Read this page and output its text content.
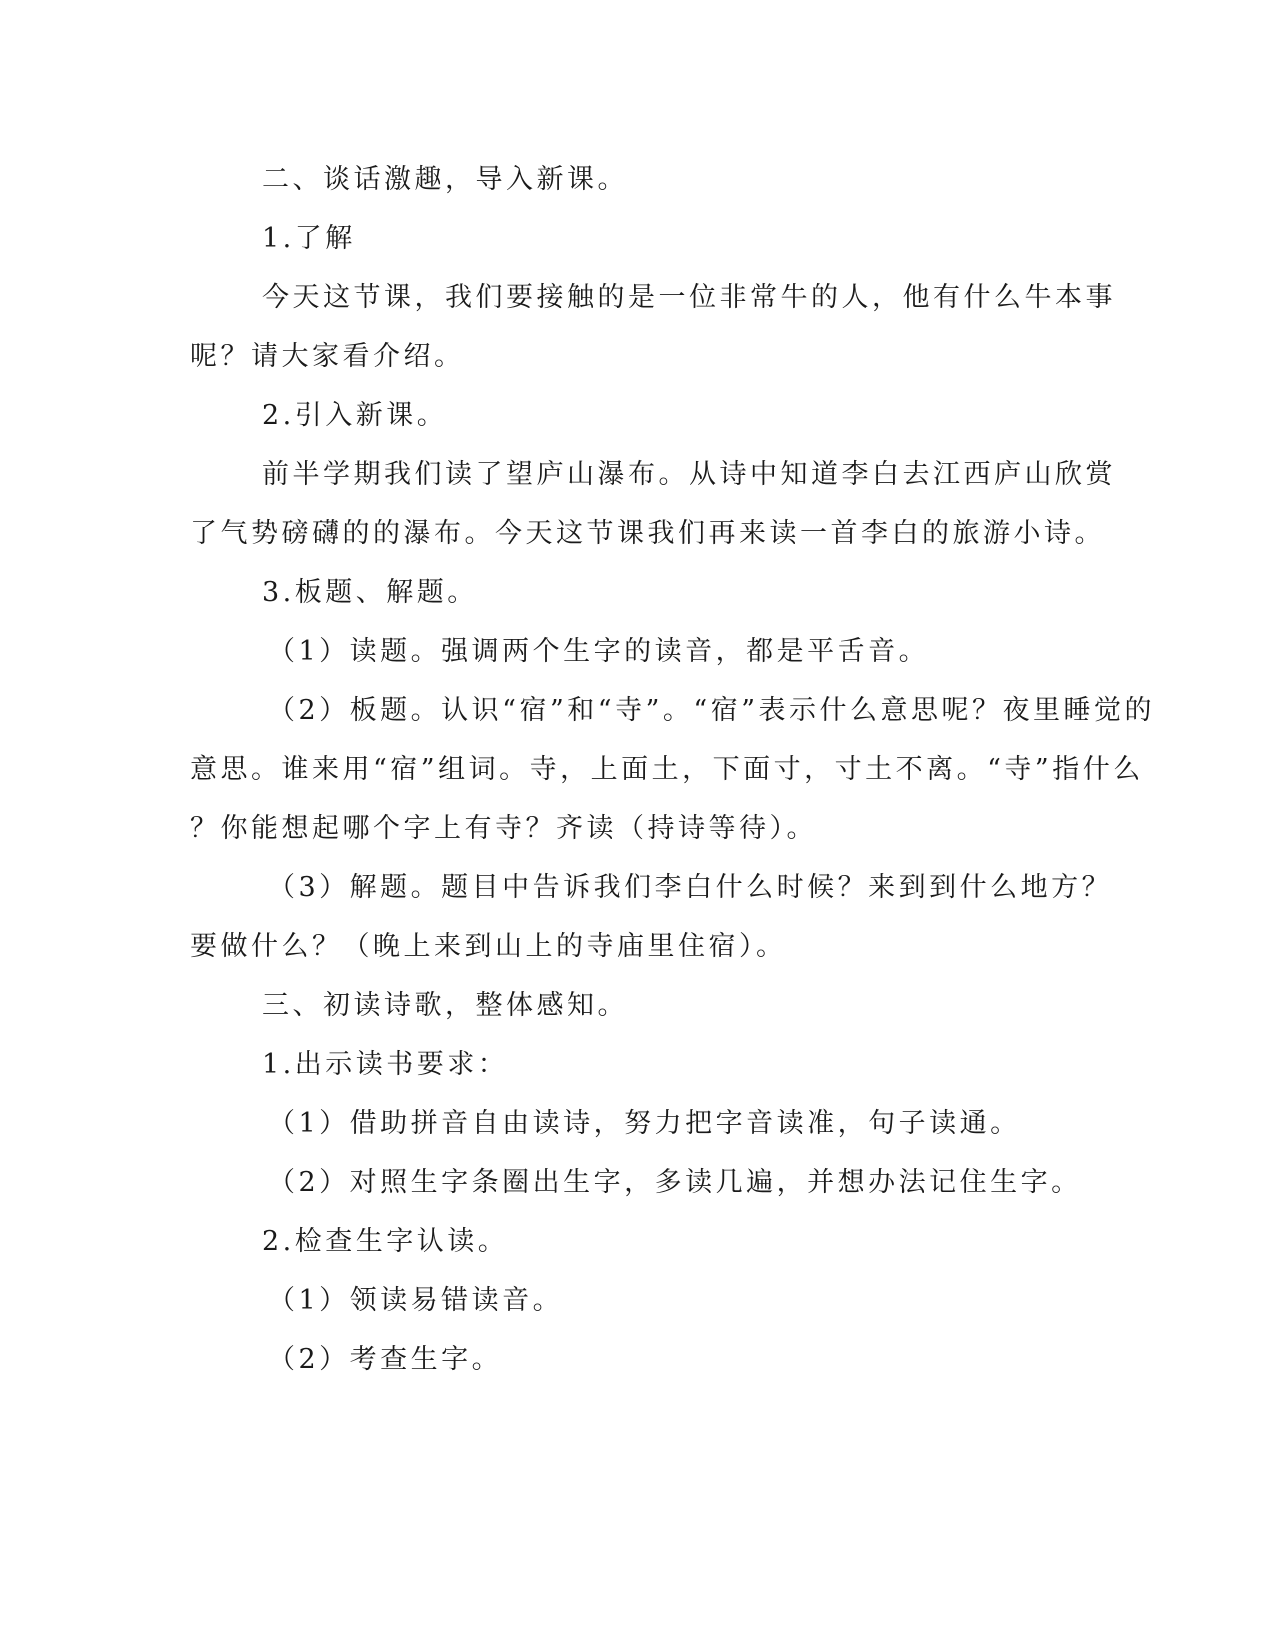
二、谈话激趣，导入新课。
1.了解
今天这节课，我们要接触的是一位非常牛的人，他有什么牛本事
呢？请大家看介绍。
2.引入新课。
前半学期我们读了望庐山瀑布。从诗中知道李白去江西庐山欣赏
了气势磅礴的的瀑布。今天这节课我们再来读一首李白的旅游小诗。
3.板题、解题。
（1）读题。强调两个生字的读音，都是平舌音。
（2）板题。认识“宿”和“寺”。“宿”表示什么意思呢？夜里睡觉的
意思。谁来用“宿”组词。寺，上面土，下面寸，寸土不离。“寺”指什么
？你能想起哪个字上有寺？齐读（持诗等待）。
（3）解题。题目中告诉我们李白什么时候？来到到什么地方？
要做什么？（晚上来到山上的寺庙里住宿）。
三、初读诗歌，整体感知。
1.出示读书要求：
（1）借助拼音自由读诗，努力把字音读准，句子读通。
（2）对照生字条圈出生字，多读几遍，并想办法记住生字。
2.检查生字认读。
（1）领读易错读音。
（2）考查生字。
